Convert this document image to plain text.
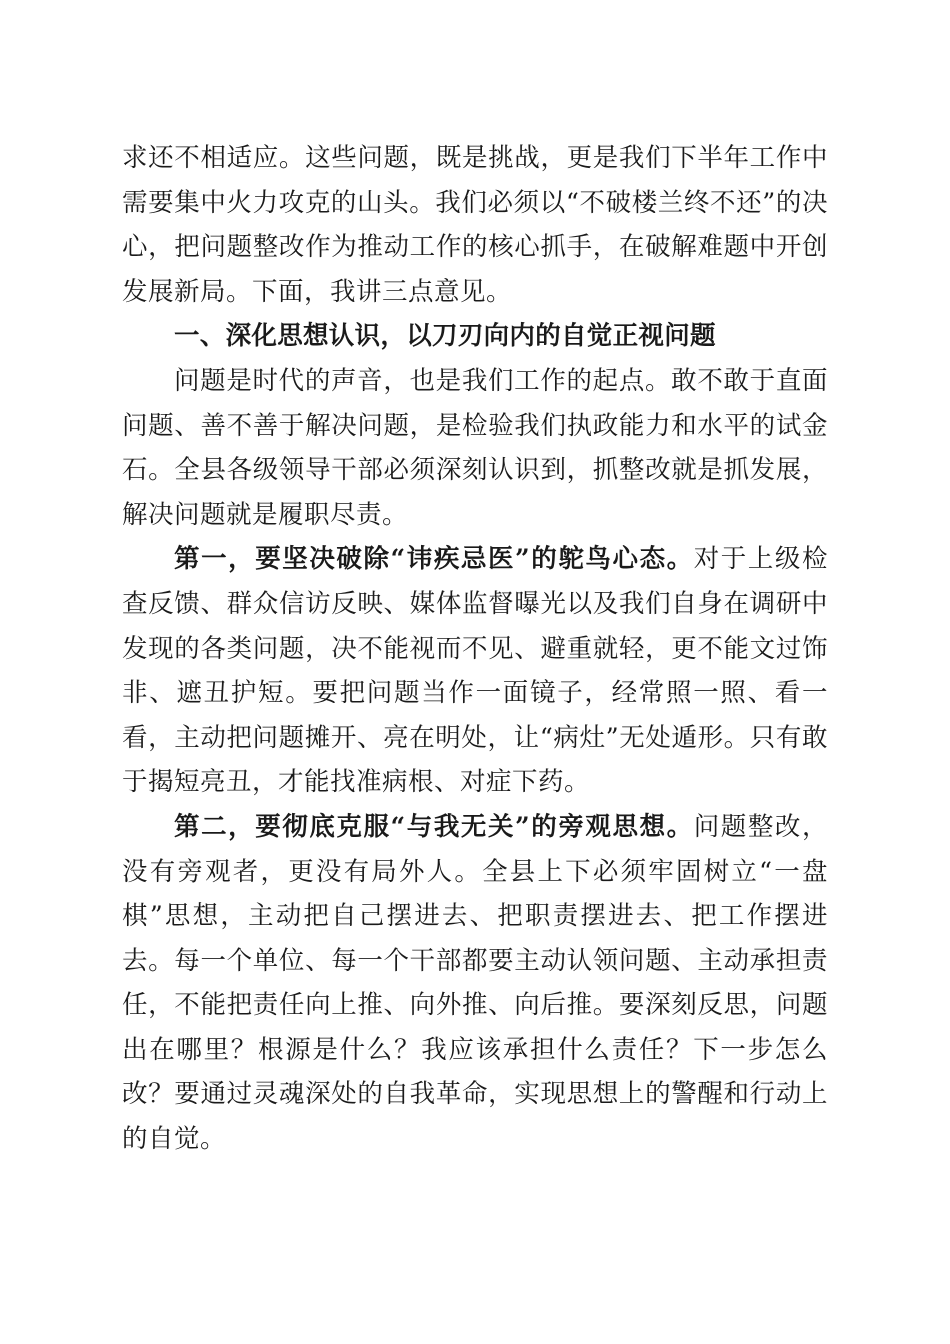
求还不相适应。这些问题，既是挑战，更是我们下半年工作中需要集中火力攻克的山头。我们必须以“不破楼兰终不还”的决心，把问题整改作为推动工作的核心抓手，在破解难题中开创发展新局。下面，我讲三点意见。

一、深化思想认识，以刀刃向内的自觉正视问题

问题是时代的声音，也是我们工作的起点。敢不敢于直面问题、善不善于解决问题，是检验我们执政能力和水平的试金石。全县各级领导干部必须深刻认识到，抓整改就是抓发展，解决问题就是履职尽责。

第一，要坚决破除“讳疾忌医”的鸵鸟心态。对于上级检查反馈、群众信访反映、媒体监督曝光以及我们自身在调研中发现的各类问题，决不能视而不见、避重就轻，更不能文过饰非、遮丑护短。要把问题当作一面镜子，经常照一照、看一看，主动把问题摊开、亮在明处，让“病灶”无处遁形。只有敢于揭短亮丑，才能找准病根、对症下药。

第二，要彻底克服“与我无关”的旁观思想。问题整改，没有旁观者，更没有局外人。全县上下必须牢固树立“一盘棋”思想，主动把自己摆进去、把职责摆进去、把工作摆进去。每一个单位、每一个干部都要主动认领问题、主动承担责任，不能把责任向上推、向外推、向后推。要深刻反思，问题出在哪里？根源是什么？我应该承担什么责任？下一步怎么改？要通过灵魂深处的自我革命，实现思想上的警醒和行动上的自觉。
